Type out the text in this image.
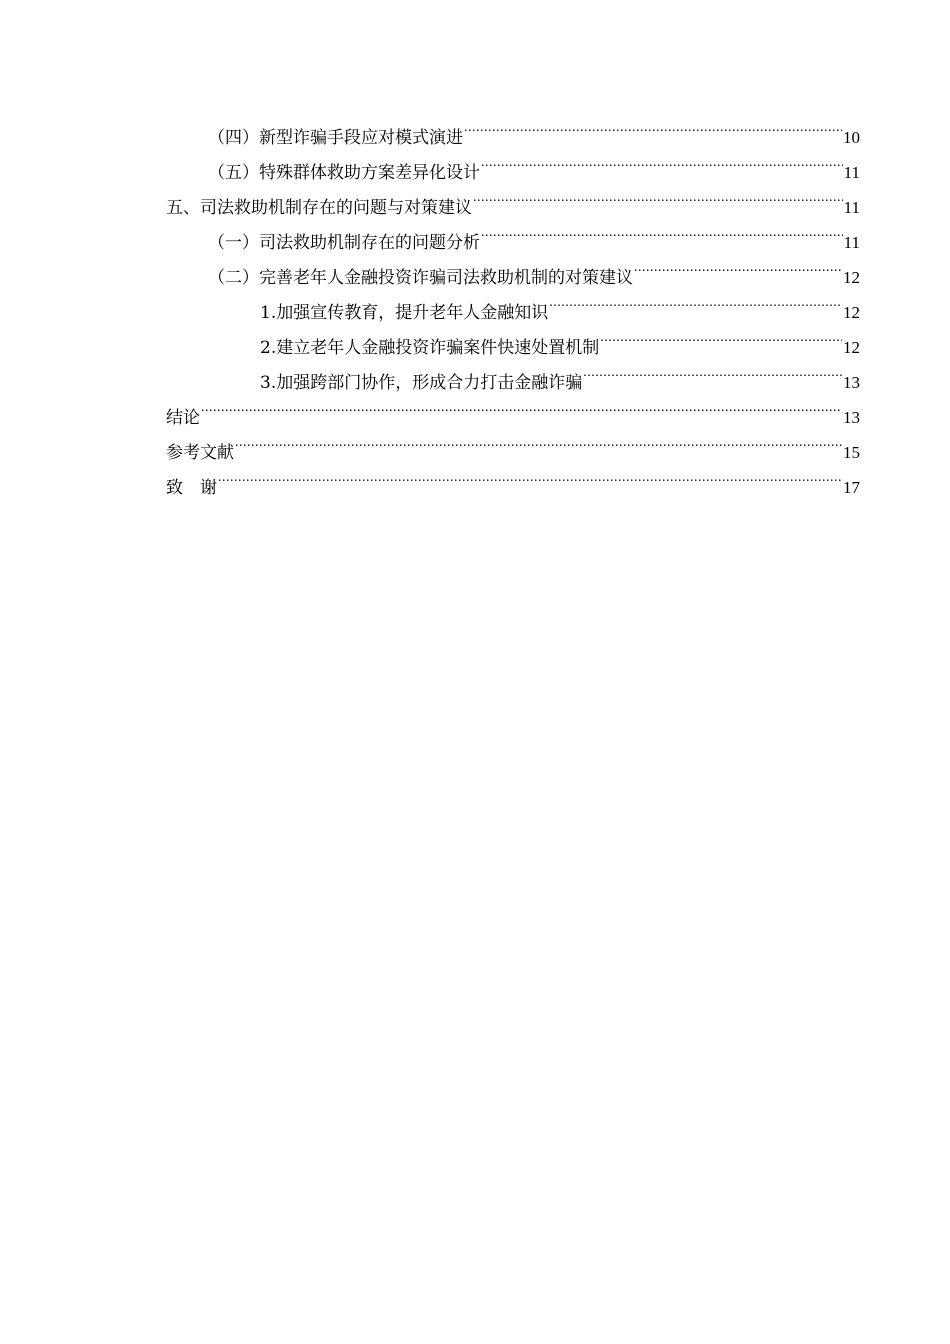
（四）新型诈骗手段应对模式演进 .....	10
（五）特殊群体救助方案差异化设计 .....	11
五、司法救助机制存在的问题与对策建议 .....	11
（一）司法救助机制存在的问题分析 .....	11
（二）完善老年人金融投资诈骗司法救助机制的对策建议 .....	12
1.加强宣传教育，提升老年人金融知识 .....	12
2.建立老年人金融投资诈骗案件快速处置机制 .....	12
3.加强跨部门协作，形成合力打击金融诈骗 .....	13
结论 .....	13
参考文献 .....	15
致　谢 .....	17
